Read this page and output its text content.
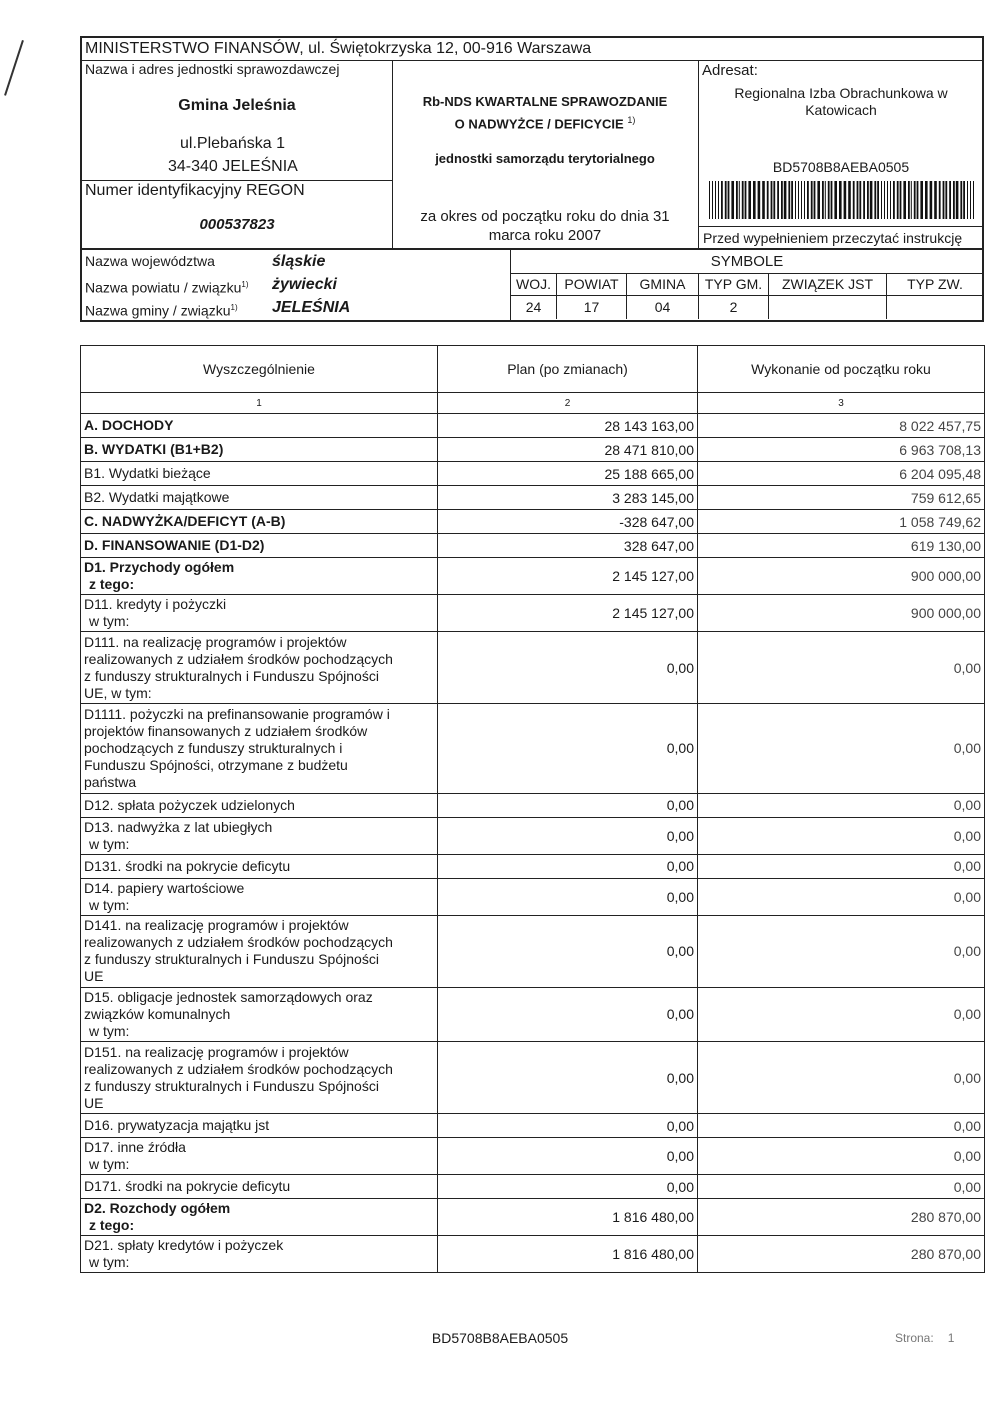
MINISTERSTWO FINANSÓW, ul. Świętokrzyska 12, 00-916 Warszawa
Nazwa i adres jednostki sprawozdawczej
Gmina Jeleśnia
ul.Plebańska 1
34-340 JELEŚNIA
Numer identyfikacyjny REGON
000537823
Rb-NDS KWARTALNE SPRAWOZDANIE
O NADWYŻCE / DEFICYCIE $^{1)}$
jednostki samorządu terytorialnego
za okres od początku roku do dnia 31
marca roku 2007
Adresat:
Regionalna Izba Obrachunkowa w Katowicach
BD5708B8AEBA0505
Przed wypełnieniem przeczytać instrukcję
Nazwa województwa	śląskie
Nazwa powiatu / związku$^{1)}$ żywiecki
Nazwa gminy / związku$^{1)}$ JELEŚNIA
SYMBOLE
WOJ. POWIAT	GMINA	TYP GM.	ZWIĄZEK JST	TYP ZW.
24	17	04	2
Wyszczególnienie	Plan (po zmianach)	Wykonanie od początku roku
1	2	3

A. DOCHODY	28 143 163,00	8 022 457,75

B. WYDATKI (B1+B2)	28 471 810,00	6 963 708,13

B1. Wydatki bieżące	25 188 665,00	6 204 095,48

B2. Wydatki majątkowe	3 283 145,00	759 612,65

C. NADWYŻKA/DEFICYT (A-B)	-328 647,00	1 058 749,62

D. FINANSOWANIE (D1-D2)	328 647,00	619 130,00

D1. Przychody ogółem
z tego:	2 145 127,00	900 000,00

D11. kredyty i pożyczki
w tym:	2 145 127,00	900 000,00

D111. na realizację programów i projektów
realizowanych z udziałem środków pochodzących
z funduszy strukturalnych i Funduszu Spójności
UE, w tym:	0,00	0,00

D1111. pożyczki na prefinansowanie programów i
projektów finansowanych z udziałem środków
pochodzących z funduszy strukturalnych i
Funduszu Spójności, otrzymane z budżetu
państwa	0,00	0,00

D12. spłata pożyczek udzielonych	0,00	0,00

D13. nadwyżka z lat ubiegłych
w tym:	0,00	0,00

D131. środki na pokrycie deficytu	0,00	0,00

D14. papiery wartościowe
w tym:	0,00	0,00

D141. na realizację programów i projektów
realizowanych z udziałem środków pochodzących
z funduszy strukturalnych i Funduszu Spójności
UE	0,00	0,00

D15. obligacje jednostek samorządowych oraz
związków komunalnych
w tym:	0,00	0,00

D151. na realizację programów i projektów
realizowanych z udziałem środków pochodzących
z funduszy strukturalnych i Funduszu Spójności
UE	0,00	0,00

D16. prywatyzacja majątku jst	0,00	0,00

D17. inne źródła
w tym:	0,00	0,00

D171. środki na pokrycie deficytu	0,00	0,00

D2. Rozchody ogółem
z tego:	1 816 480,00	280 870,00

D21. spłaty kredytów i pożyczek
w tym:	1 816 480,00	280 870,00
BD5708B8AEBA0505	Strona: 1
